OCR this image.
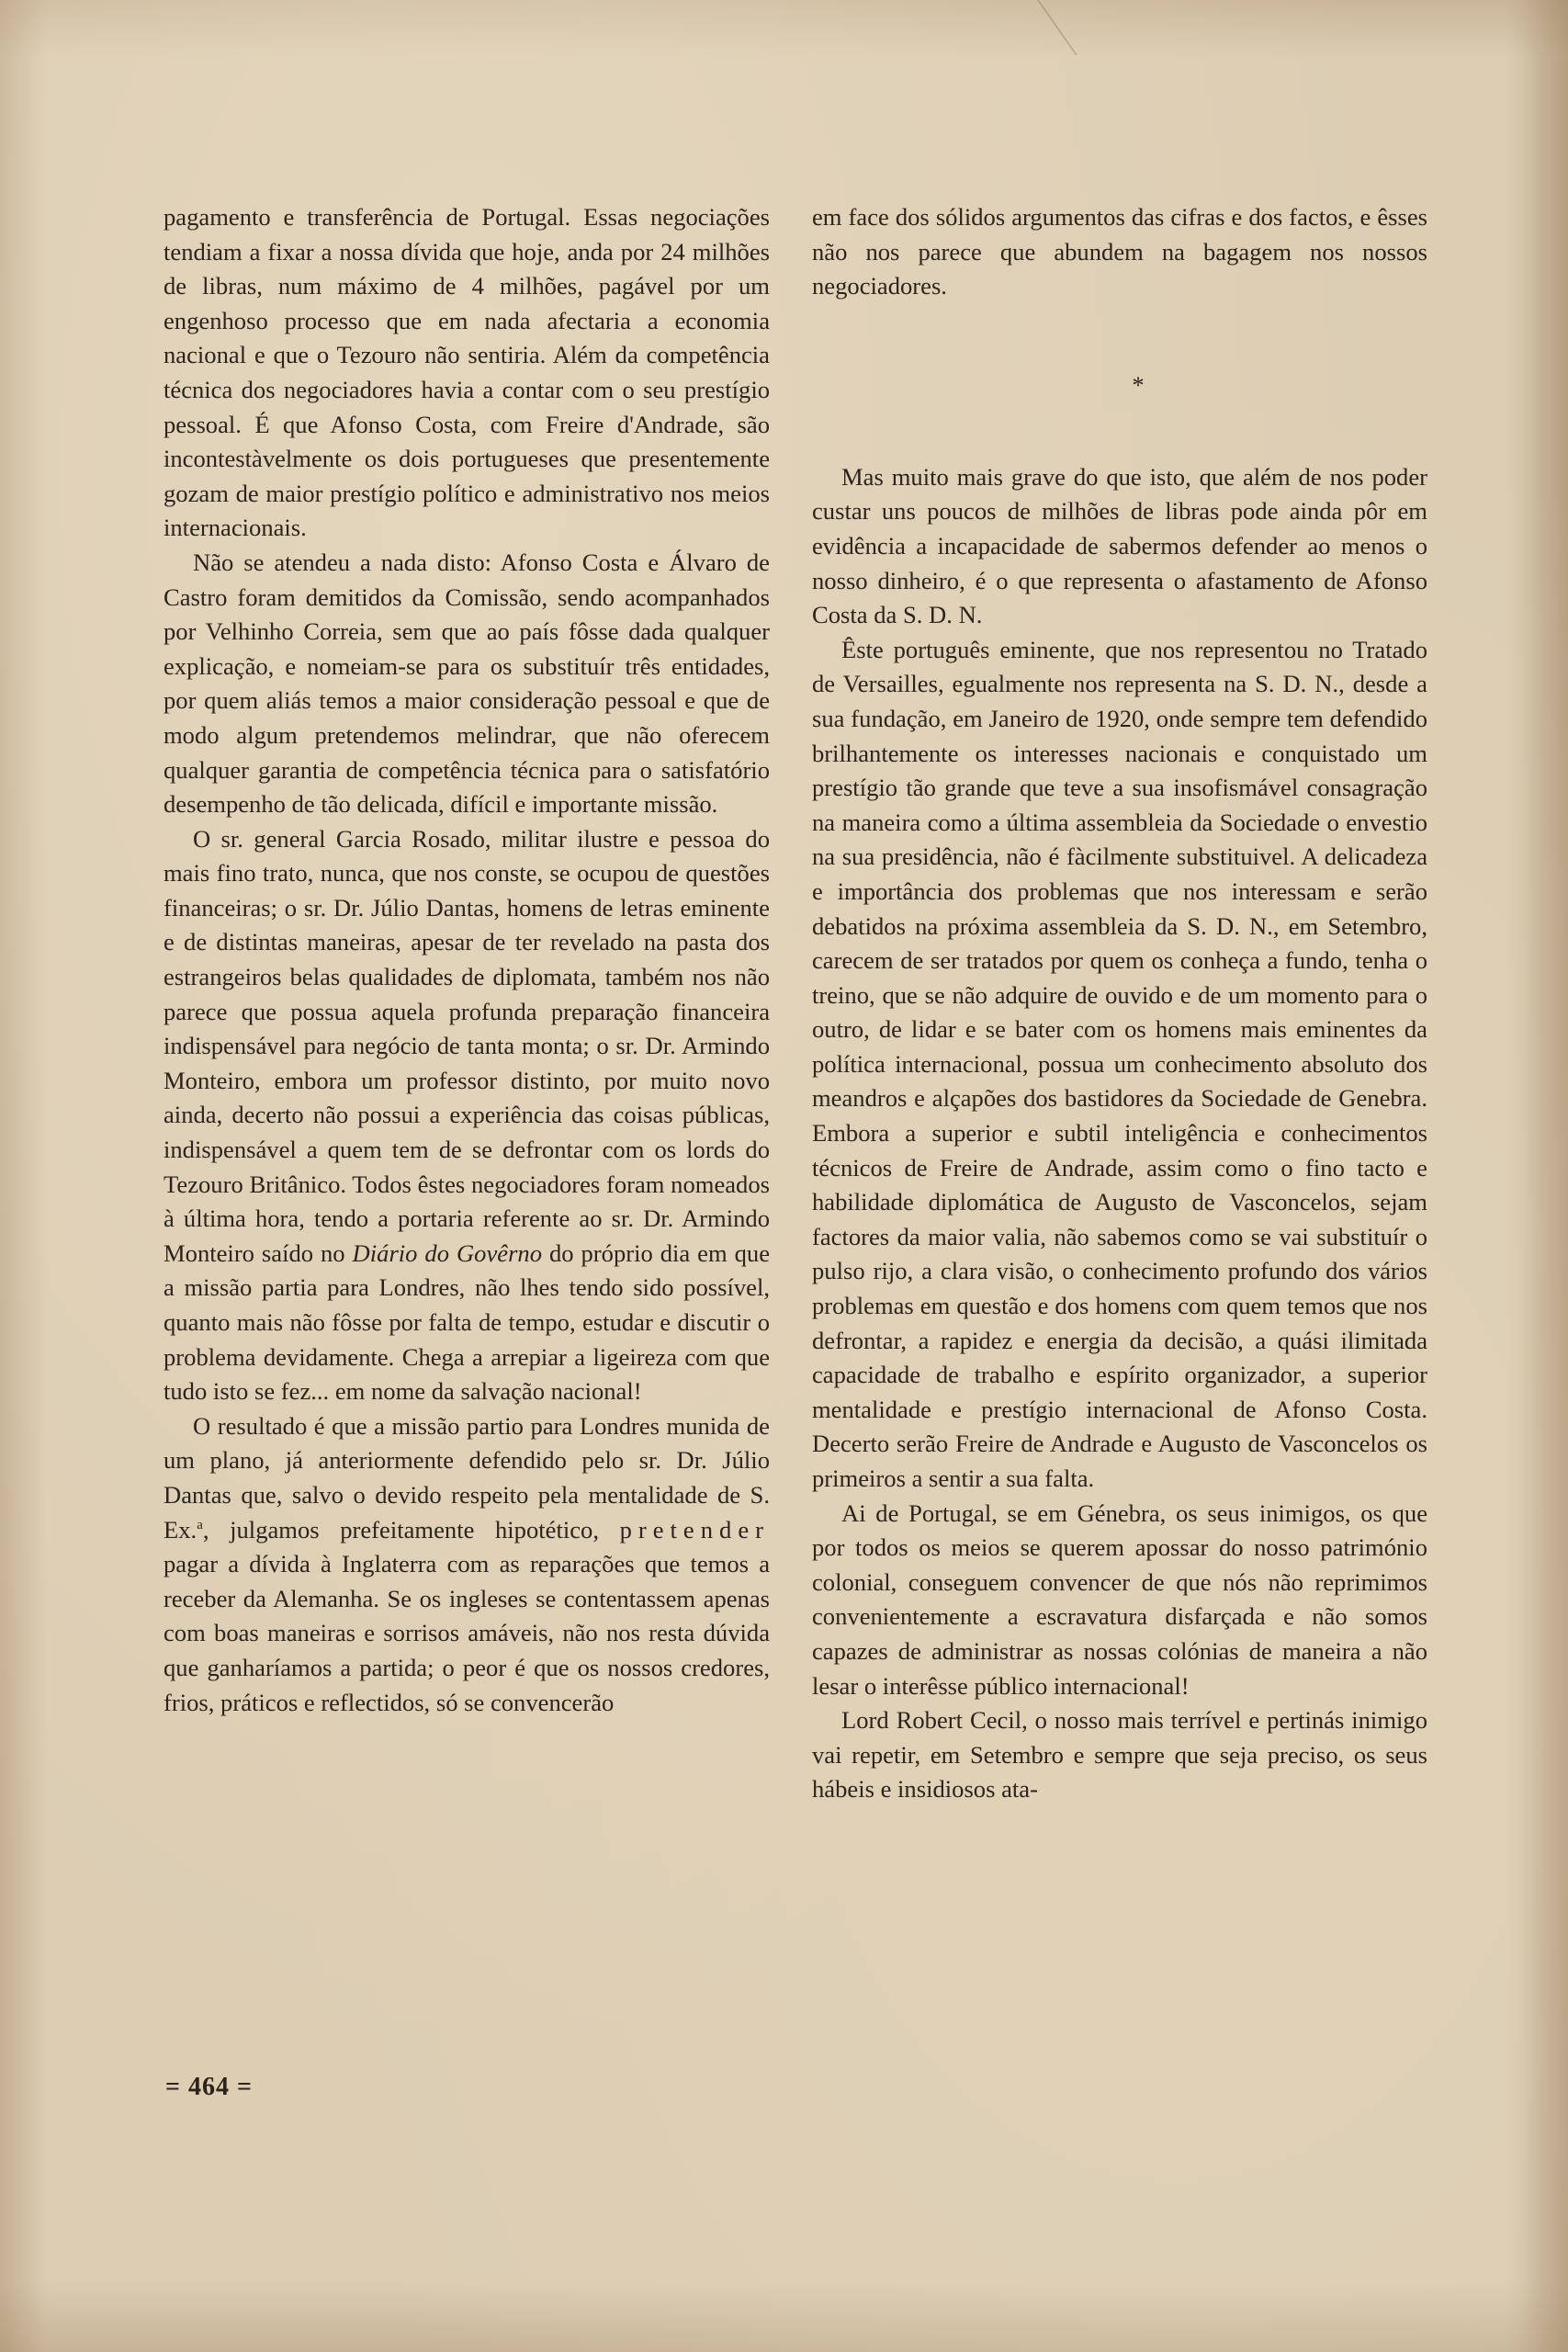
pagamento e transferência de Portugal. Essas negociações tendiam a fixar a nossa dívida que hoje, anda por 24 milhões de libras, num máximo de 4 milhões, pagável por um engenhoso processo que em nada afectaria a economia nacional e que o Tezouro não sentiria. Além da competência técnica dos negociadores havia a contar com o seu prestígio pessoal. É que Afonso Costa, com Freire d'Andrade, são incontestàvelmente os dois portugueses que presentemente gozam de maior prestígio político e administrativo nos meios internacionais.

Não se atendeu a nada disto: Afonso Costa e Álvaro de Castro foram demitidos da Comissão, sendo acompanhados por Velhinho Correia, sem que ao país fôsse dada qualquer explicação, e nomeiam-se para os substituír três entidades, por quem aliás temos a maior consideração pessoal e que de modo algum pretendemos melindrar, que não oferecem qualquer garantia de competência técnica para o satisfatório desempenho de tão delicada, difícil e importante missão.

O sr. general Garcia Rosado, militar ilustre e pessoa do mais fino trato, nunca, que nos conste, se ocupou de questões financeiras; o sr. Dr. Júlio Dantas, homens de letras eminente e de distintas maneiras, apesar de ter revelado na pasta dos estrangeiros belas qualidades de diplomata, também nos não parece que possua aquela profunda preparação financeira indispensável para negócio de tanta monta; o sr. Dr. Armindo Monteiro, embora um professor distinto, por muito novo ainda, decerto não possui a experiência das coisas públicas, indispensável a quem tem de se defrontar com os lords do Tezouro Britânico. Todos êstes negociadores foram nomeados à última hora, tendo a portaria referente ao sr. Dr. Armindo Monteiro saído no Diário do Govêrno do próprio dia em que a missão partia para Londres, não lhes tendo sido possível, quanto mais não fôsse por falta de tempo, estudar e discutir o problema devidamente. Chega a arrepiar a ligeireza com que tudo isto se fez... em nome da salvação nacional!

O resultado é que a missão partio para Londres munida de um plano, já anteriormente defendido pelo sr. Dr. Júlio Dantas que, salvo o devido respeito pela mentalidade de S. Ex.$^a$, julgamos prefeitamente hipotético, pretender pagar a dívida à Inglaterra com as reparações que temos a receber da Alemanha. Se os ingleses se contentassem apenas com boas maneiras e sorrisos amáveis, não nos resta dúvida que ganharíamos a partida; o peor é que os nossos credores, frios, práticos e reflectidos, só se convencerão

em face dos sólidos argumentos das cifras e dos factos, e êsses não nos parece que abundem na bagagem nos nossos negociadores.

*

Mas muito mais grave do que isto, que além de nos poder custar uns poucos de milhões de libras pode ainda pôr em evidência a incapacidade de sabermos defender ao menos o nosso dinheiro, é o que representa o afastamento de Afonso Costa da S. D. N.

Êste português eminente, que nos representou no Tratado de Versailles, egualmente nos representa na S. D. N., desde a sua fundação, em Janeiro de 1920, onde sempre tem defendido brilhantemente os interesses nacionais e conquistado um prestígio tão grande que teve a sua insofismável consagração na maneira como a última assembleia da Sociedade o envestio na sua presidência, não é fàcilmente substituivel. A delicadeza e importância dos problemas que nos interessam e serão debatidos na próxima assembleia da S. D. N., em Setembro, carecem de ser tratados por quem os conheça a fundo, tenha o treino, que se não adquire de ouvido e de um momento para o outro, de lidar e se bater com os homens mais eminentes da política internacional, possua um conhecimento absoluto dos meandros e alçapões dos bastidores da Sociedade de Genebra. Embora a superior e subtil inteligência e conhecimentos técnicos de Freire de Andrade, assim como o fino tacto e habilidade diplomática de Augusto de Vasconcelos, sejam factores da maior valia, não sabemos como se vai substituír o pulso rijo, a clara visão, o conhecimento profundo dos vários problemas em questão e dos homens com quem temos que nos defrontar, a rapidez e energia da decisão, a quási ilimitada capacidade de trabalho e espírito organizador, a superior mentalidade e prestígio internacional de Afonso Costa. Decerto serão Freire de Andrade e Augusto de Vasconcelos os primeiros a sentir a sua falta.

Ai de Portugal, se em Génebra, os seus inimigos, os que por todos os meios se querem apossar do nosso património colonial, conseguem convencer de que nós não reprimimos convenientemente a escravatura disfarçada e não somos capazes de administrar as nossas colónias de maneira a não lesar o interêsse público internacional!

Lord Robert Cecil, o nosso mais terrível e pertinás inimigo vai repetir, em Setembro e sempre que seja preciso, os seus hábeis e insidiosos ata-

= 464 =
